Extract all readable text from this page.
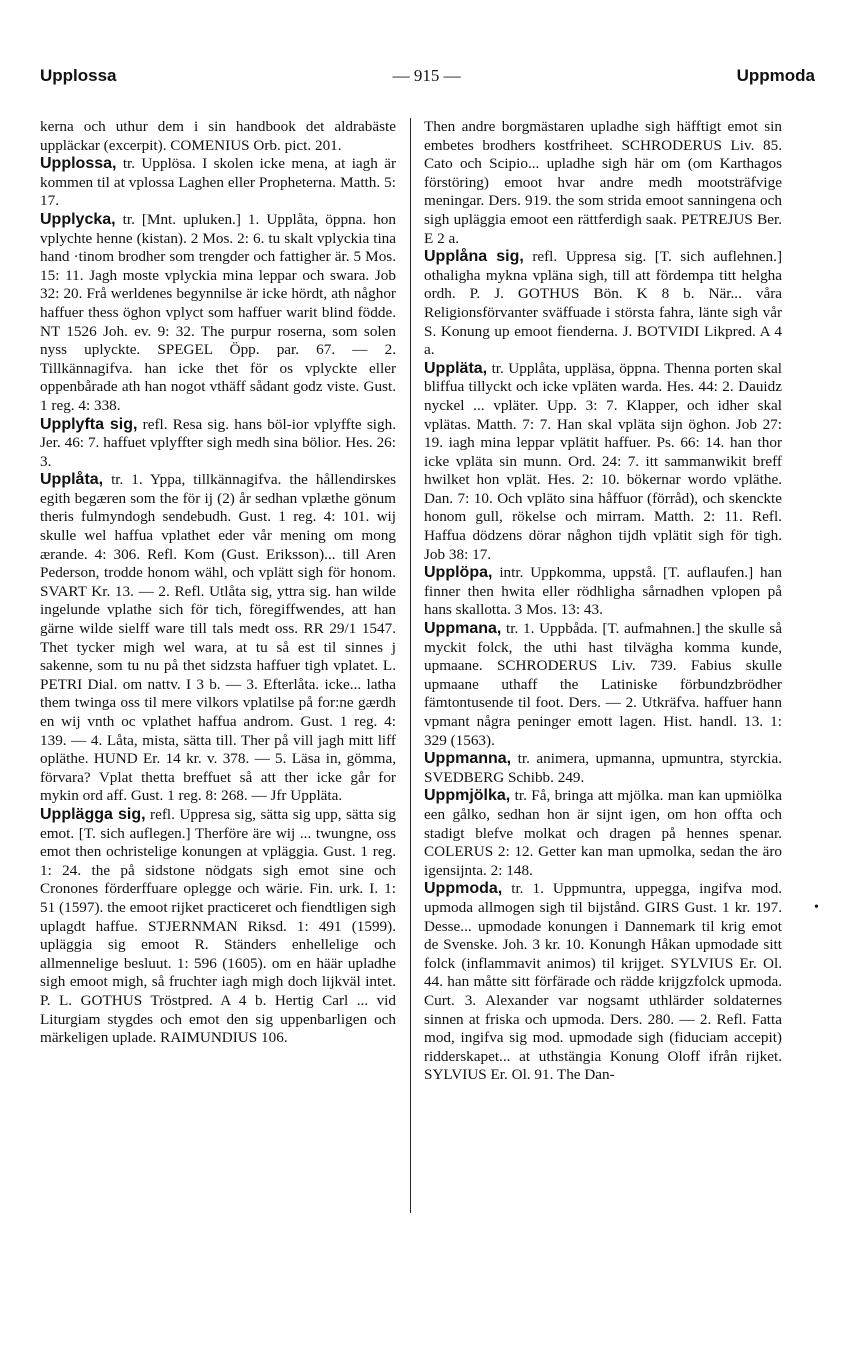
Upplossa	— 915 —	Uppmoda

kerna och uthur dem i sin handbook det aldrabäste uppläckar (excerpit). COMENIUS Orb. pict. 201.

Upplossa, tr. Upplösa. I skolen icke mena, at iagh är kommen til at vplossa Laghen eller Propheterna. Matth. 5: 17.

Upplycka, tr. [Mnt. upluken.] 1. Upplåta, öppna. hon vplychte henne (kistan). 2 Mos. 2: 6. tu skalt vplyckia tina hand ·tinom brodher som trengder och fattigher är. 5 Mos. 15: 11. Jagh moste vplyckia mina leppar och swara. Job 32: 20. Frå werldenes begynnilse är icke hördt, ath någhor haffuer thess öghon vplyct som haffuer warit blind födde. NT 1526 Joh. ev. 9: 32. The purpur roserna, som solen nyss uplyckte. SPEGEL Öpp. par. 67. — 2. Tillkännagifva. han icke thet för os vplyckte eller oppenbårade ath han nogot vthäff sådant godz viste. Gust. 1 reg. 4: 338.

Upplyfta sig, refl. Resa sig. hans böl-ior vplyffte sigh. Jer. 46: 7. haffuet vplyffter sigh medh sina bölior. Hes. 26: 3.

Upplåta, tr. 1. Yppa, tillkännagifva. the hållendirskes egith begæren som the för ij (2) år sedhan vplæthe gönum theris fulmyndogh sendebudh. Gust. 1 reg. 4: 101. wij skulle wel haffua vplathet eder vår mening om mong ærande. 4: 306. Refl. Kom (Gust. Eriksson)... till Aren Pederson, trodde honom wähl, och vplätt sigh för honom. SVART Kr. 13. — 2. Refl. Utlåta sig, yttra sig. han wilde ingelunde vplathe sich för tich, föregiffwendes, att han gärne wilde sielff ware till tals medt oss. RR 29/1 1547. Thet tycker migh wel wara, at tu så est til sinnes j sakenne, som tu nu på thet sidzsta haffuer tigh vplatet. L. PETRI Dial. om nattv. I 3 b. — 3. Efterlåta. icke... latha them twinga oss til mere vilkors vplatilse på for:ne gærdh en wij vnth oc vplathet haffua androm. Gust. 1 reg. 4: 139. — 4. Låta, mista, sätta till. Ther på vill jagh mitt liff opläthe. HUND Er. 14 kr. v. 378. — 5. Läsa in, gömma, förvara? Vplat thetta breffuet så att ther icke går for mykin ord aff. Gust. 1 reg. 8: 268. — Jfr Uppläta.

Upplägga sig, refl. Uppresa sig, sätta sig upp, sätta sig emot. [T. sich auflegen.] Therföre äre wij ... twungne, oss emot then ochristelige konungen at vpläggia. Gust. 1 reg. 1: 24. the på sidstone nödgats sigh emot sine och Cronones förderffuare oplegge och wärie. Fin. urk. I. 1: 51 (1597). the emoot rijket practiceret och fiendtligen sigh uplagdt haffue. STJERNMAN Riksd. 1: 491 (1599). upläggia sig emoot R. Ständers enhellelige och allmennelige besluut. 1: 596 (1605). om en häär upladhe sigh emoot migh, så fruchter iagh migh doch lijkväl intet. P. L. GOTHUS Tröstpred. A 4 b. Hertig Carl ... vid Liturgiam stygdes och emot den sig uppenbarligen och märkeligen uplade. RAIMUNDIUS 106.

Then andre borgmästaren upladhe sigh häfftigt emot sin embetes brodhers kostfriheet. SCHRODERUS Liv. 85. Cato och Scipio... upladhe sigh här om (om Karthagos förstöring) emoot hvar andre medh mootsträfvige meningar. Ders. 919. the som strida emoot sanningena och sigh upläggia emoot een rättferdigh saak. PETREJUS Ber. E 2 a.

Upplåna sig, refl. Uppresa sig. [T. sich auflehnen.] othaligha mykna vpläna sigh, till att fördempa titt helgha ordh. P. J. GOTHUS Bön. K 8 b. När... våra Religionsförvanter sväffuade i största fahra, länte sigh vår S. Konung up emoot fienderna. J. BOTVIDI Likpred. A 4 a.

Uppläta, tr. Upplåta, uppläsa, öppna. Thenna porten skal bliffua tillyckt och icke vpläten warda. Hes. 44: 2. Dauidz nyckel ... vpläter. Upp. 3: 7. Klapper, och idher skal vplätas. Matth. 7: 7. Han skal vpläta sijn öghon. Job 27: 19. iagh mina leppar vplätit haffuer. Ps. 66: 14. han thor icke vpläta sin munn. Ord. 24: 7. itt sammanwikit breff hwilket hon vplät. Hes. 2: 10. bökernar wordo vpläthe. Dan. 7: 10. Och vpläto sina håffuor (förråd), och skenckte honom gull, rökelse och mirram. Matth. 2: 11. Refl. Haffua dödzens dörar någhon tijdh vplätit sigh för tigh. Job 38: 17.

Upplöpa, intr. Uppkomma, uppstå. [T. auflaufen.] han finner then hwita eller rödhligha sårnadhen vplopen på hans skallotta. 3 Mos. 13: 43.

Uppmana, tr. 1. Uppbåda. [T. aufmahnen.] the skulle så myckit folck, the uthi hast tilvägha komma kunde, upmaane. SCHRODERUS Liv. 739. Fabius skulle upmaane uthaff the Latiniske förbundzbrödher fämtontusende til foot. Ders. — 2. Utkräfva. haffuer hann vpmant några peninger emott lagen. Hist. handl. 13. 1: 329 (1563).

Uppmanna, tr. animera, upmanna, upmuntra, styrckia. SVEDBERG Schibb. 249.

Uppmjölka, tr. Få, bringa att mjölka. man kan upmiölka een gålko, sedhan hon är sijnt igen, om hon offta och stadigt blefve molkat och dragen på hennes spenar. COLERUS 2: 12. Getter kan man upmolka, sedan the äro igensijnta. 2: 148.

Uppmoda, tr. 1. Uppmuntra, uppegga, ingifva mod. upmoda allmogen sigh til bijstånd. GIRS Gust. 1 kr. 197. Desse... upmodade konungen i Dannemark til krig emot de Svenske. Joh. 3 kr. 10. Konungh Håkan upmodade sitt folck (inflammavit animos) til krijget. SYLVIUS Er. Ol. 44. han måtte sitt förfärade och rädde krijgzfolck upmoda. Curt. 3. Alexander var nogsamt uthlärder soldaternes sinnen at friska och upmoda. Ders. 280. — 2. Refl. Fatta mod, ingifva sig mod. upmodade sigh (fiduciam accepit) ridderskapet... at uthstängia Konung Oloff ifrån rijket. SYLVIUS Er. Ol. 91. The Dan-

•
